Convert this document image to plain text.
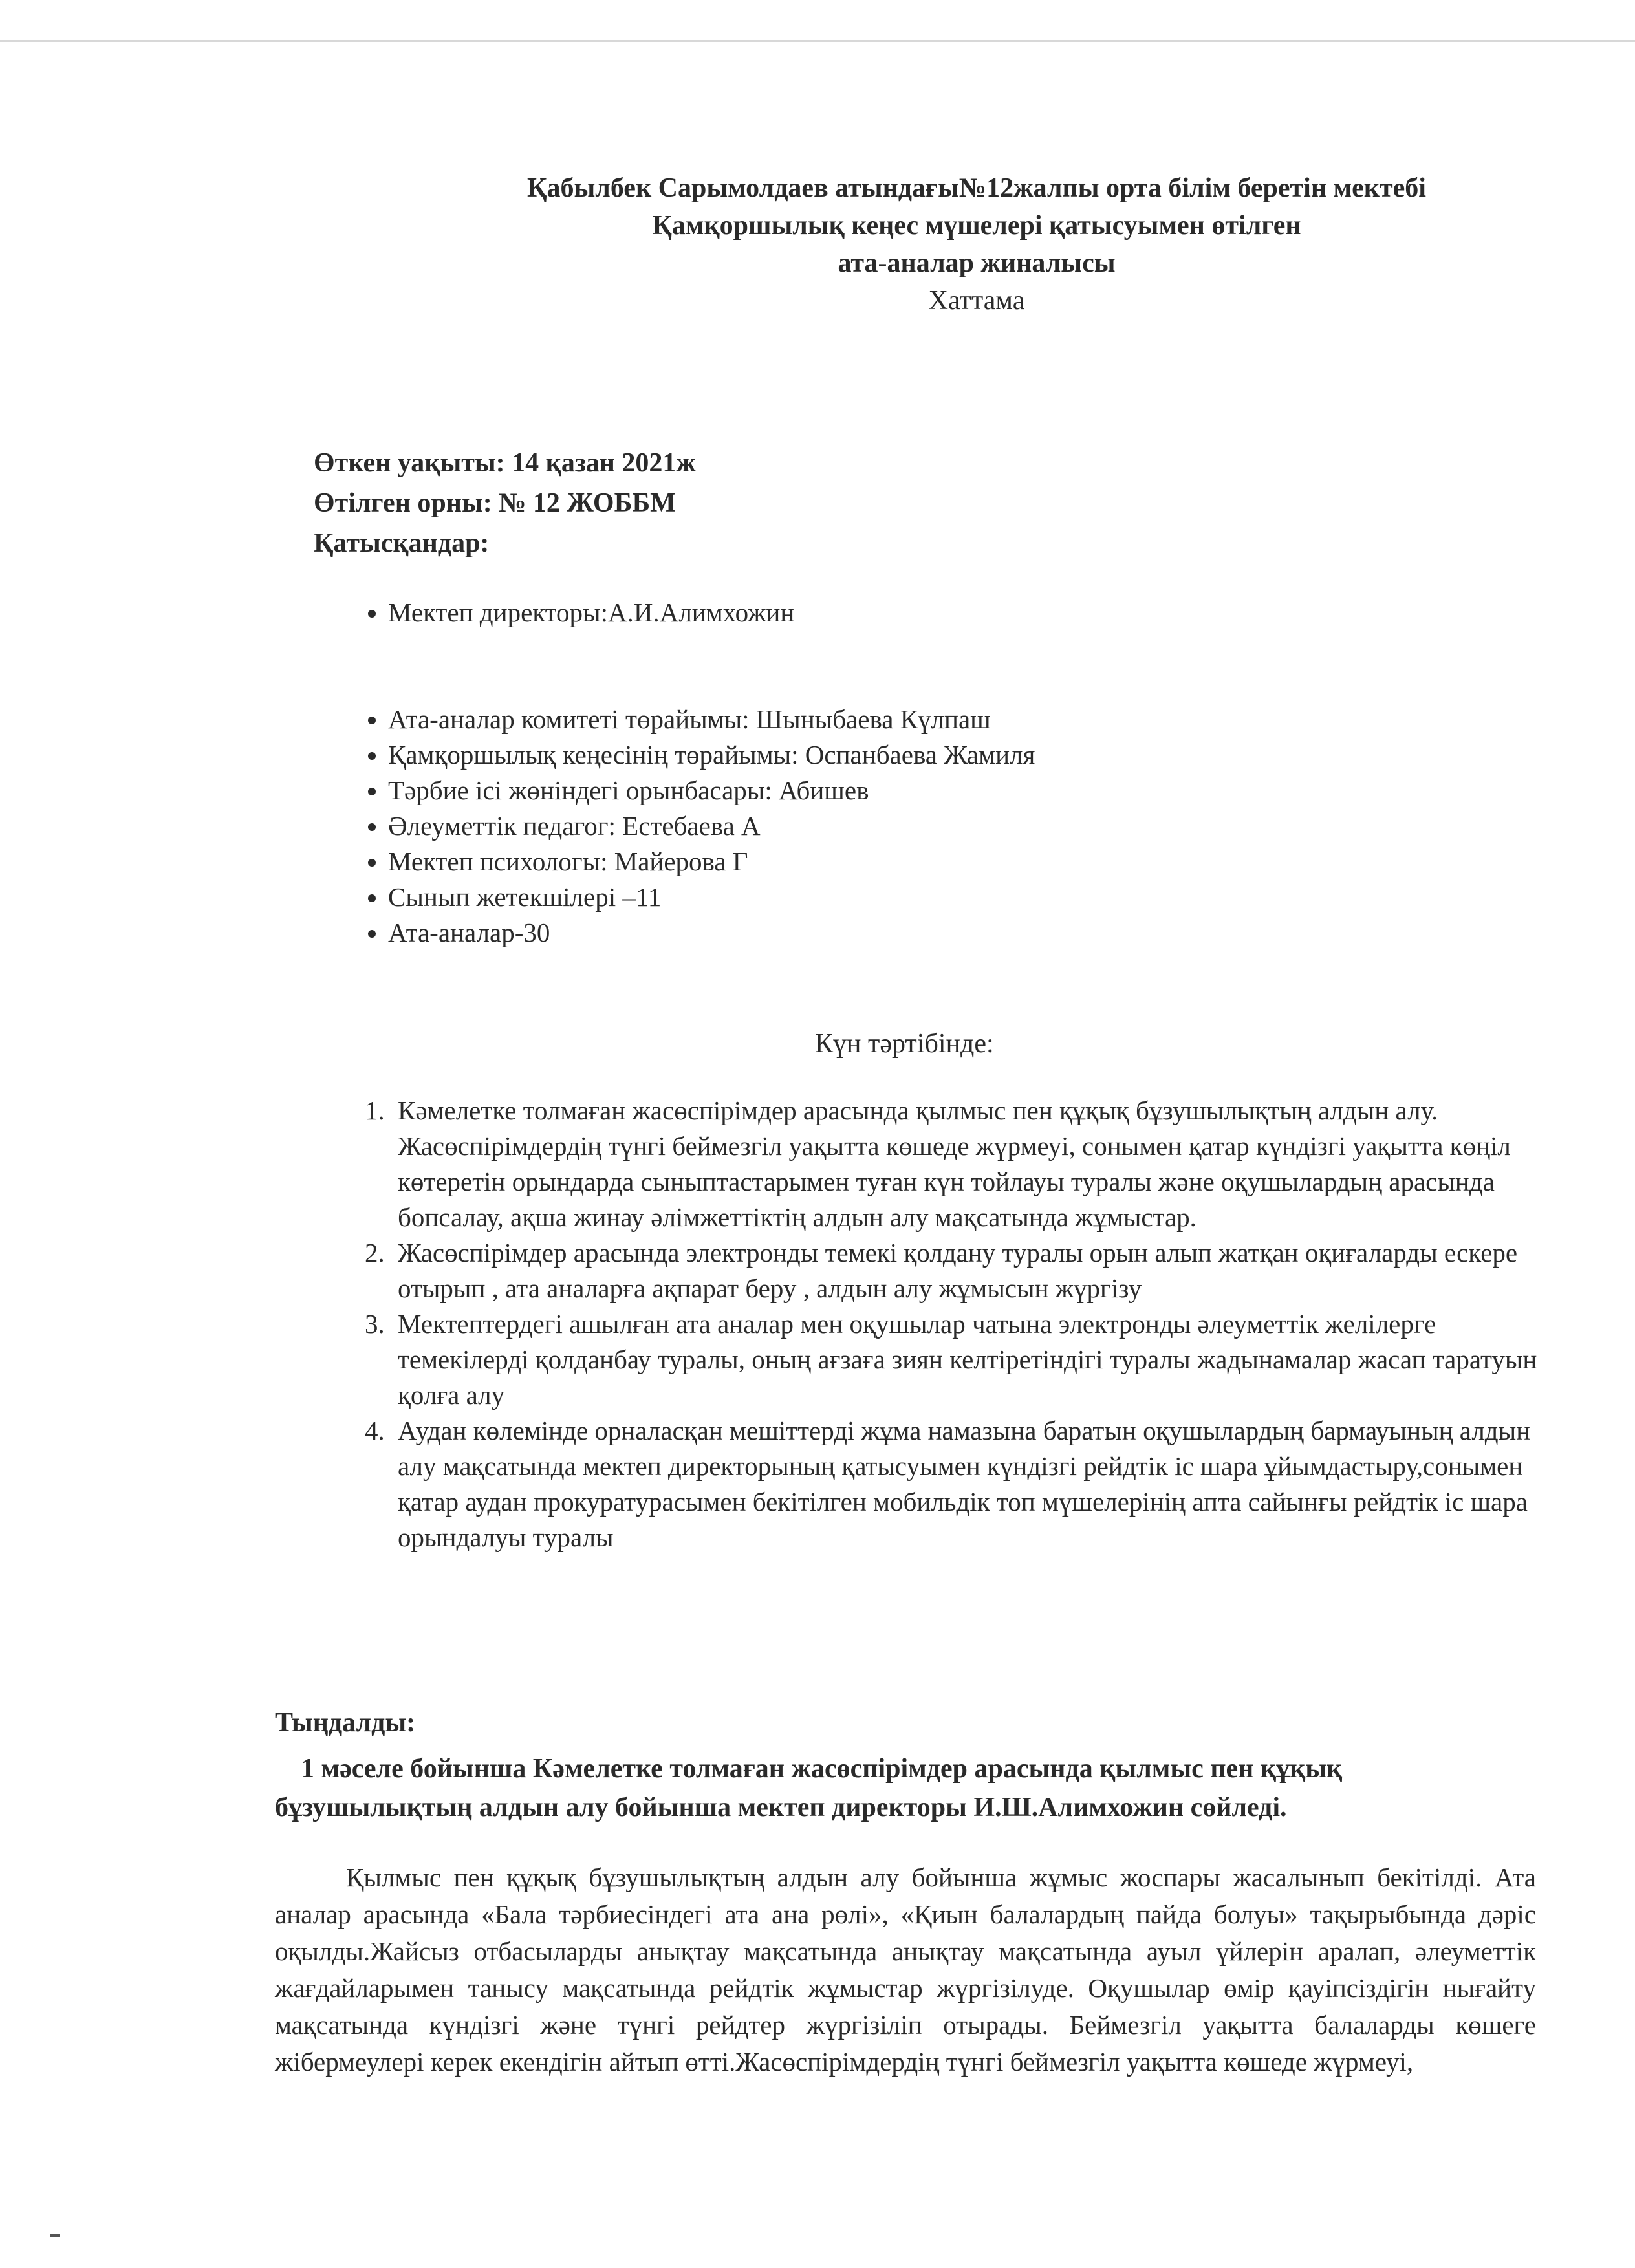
Қабылбек Сарымолдаев атындағы№12жалпы орта білім беретін мектебі
Қамқоршылық кеңес мүшелері қатысуымен өтілген
ата-аналар жиналысы
Хаттама
Өткен уақыты: 14 қазан 2021ж
Өтілген орны: № 12 ЖОББМ
Қатысқандар:
• Мектеп директоры:А.И.Алимхожин
• Ата-аналар комитеті төрайымы: Шыныбаева Күлпаш
• Қамқоршылық кеңесінің төрайымы: Оспанбаева Жамиля
• Тәрбие ісі жөніндегі орынбасары: Абишев
• Әлеуметтік педагог: Естебаева А
• Мектеп психологы: Майерова Г
• Сынып жетекшілері –11
• Ата-аналар-30
Күн тәртібінде:
1. Кәмелетке толмаған жасөспірімдер арасында қылмыс пен құқық бұзушылықтың алдын алу. Жасөспірімдердің түнгі беймезгіл уақытта көшеде жүрмеуі, сонымен қатар күндізгі уақытта көңіл көтеретін орындарда сыныптастарымен туған күн тойлауы туралы және оқушылардың арасында бопсалау, ақша жинау әлімжеттіктің алдын алу мақсатында жұмыстар.
2. Жасөспірімдер арасында электронды темекі қолдану туралы орын алып жатқан оқиғаларды ескере отырып , ата аналарға ақпарат беру , алдын алу жұмысын жүргізу
3. Мектептердегі ашылған ата аналар мен оқушылар чатына электронды әлеуметтік желілерге темекілерді қолданбау туралы, оның ағзаға зиян келтіретіндігі туралы жадынамалар жасап таратуын қолға алу
4. Аудан көлемінде орналасқан мешіттерді жұма намазына баратын оқушылардың бармауының алдын алу мақсатында мектеп директорының қатысуымен күндізгі рейдтік іс шара ұйымдастыру,сонымен қатар аудан прокуратурасымен бекітілген мобильдік топ мүшелерінің апта сайынғы рейдтік іс шара орындалуы туралы
Тыңдалды:
1 мәселе бойынша Кәмелетке толмаған жасөспірімдер арасында қылмыс пен құқық бұзушылықтың алдын алу бойынша мектеп директоры И.Ш.Алимхожин сөйледі.
Қылмыс пен құқық бұзушылықтың алдын алу бойынша жұмыс жоспары жасалынып бекітілді. Ата аналар арасында «Бала тәрбиесіндегі ата ана рөлі», «Қиын балалардың пайда болуы» тақырыбында дәріс оқылды.Жайсыз отбасыларды анықтау мақсатында анықтау мақсатында ауыл үйлерін аралап, әлеуметтік жағдайларымен танысу мақсатында рейдтік жұмыстар жүргізілуде. Оқушылар өмір қауіпсіздігін нығайту мақсатында күндізгі және түнгі рейдтер жүргізіліп отырады. Беймезгіл уақытта балаларды көшеге жібермеулері керек екендігін айтып өтті.Жасөспірімдердің түнгі беймезгіл уақытта көшеде жүрмеуі,
